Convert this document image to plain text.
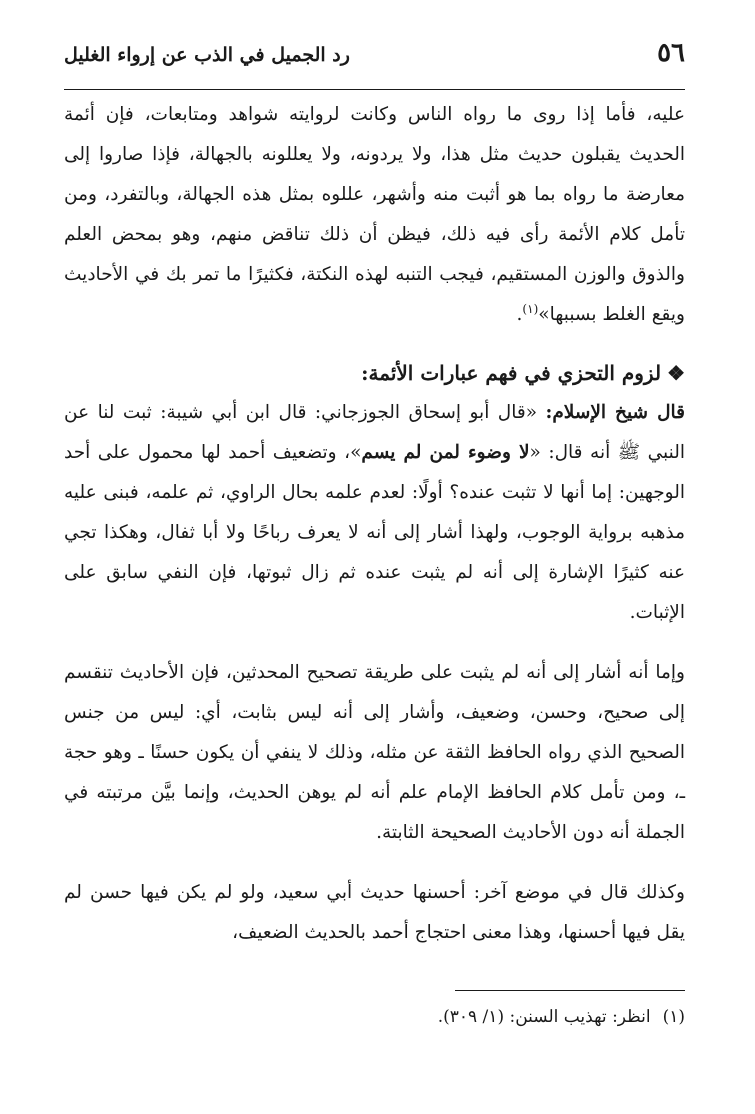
٥٦
رد الجميل في الذب عن إرواء الغليل

عليه، فأما إذا روى ما رواه الناس وكانت لروايته شواهد ومتابعات، فإن أئمة الحديث يقبلون حديث مثل هذا، ولا يردونه، ولا يعللونه بالجهالة، فإذا صاروا إلى معارضة ما رواه بما هو أثبت منه وأشهر، عللوه بمثل هذه الجهالة، وبالتفرد، ومن تأمل كلام الأئمة رأى فيه ذلك، فيظن أن ذلك تناقض منهم، وهو بمحض العلم والذوق والوزن المستقيم، فيجب التنبه لهذه النكتة، فكثيرًا ما تمر بك في الأحاديث ويقع الغلط بسببها»$^{(١)}$.

❖لزوم التحزي في فهم عبارات الأئمة:

قال شيخ الإسلام: «قال أبو إسحاق الجوزجاني: قال ابن أبي شيبة: ثبت لنا عن النبي ﷺ أنه قال: «لا وضوء لمن لم يسم»، وتضعيف أحمد لها محمول على أحد الوجهين: إما أنها لا تثبت عنده؟ أولًا: لعدم علمه بحال الراوي، ثم علمه، فبنى عليه مذهبه برواية الوجوب، ولهذا أشار إلى أنه لا يعرف رباحًا ولا أبا ثفال، وهكذا تجي عنه كثيرًا الإشارة إلى أنه لم يثبت عنده ثم زال ثبوتها، فإن النفي سابق على الإثبات.

وإما أنه أشار إلى أنه لم يثبت على طريقة تصحيح المحدثين، فإن الأحاديث تنقسم إلى صحيح، وحسن، وضعيف، وأشار إلى أنه ليس بثابت، أي: ليس من جنس الصحيح الذي رواه الحافظ الثقة عن مثله، وذلك لا ينفي أن يكون حسنًا ـ وهو حجة ـ، ومن تأمل كلام الحافظ الإمام علم أنه لم يوهن الحديث، وإنما بيَّن مرتبته في الجملة أنه دون الأحاديث الصحيحة الثابتة.

وكذلك قال في موضع آخر: أحسنها حديث أبي سعيد، ولو لم يكن فيها حسن لم يقل فيها أحسنها، وهذا معنى احتجاج أحمد بالحديث الضعيف،

(١)انظر: تهذيب السنن: (١/ ٣٠٩).
